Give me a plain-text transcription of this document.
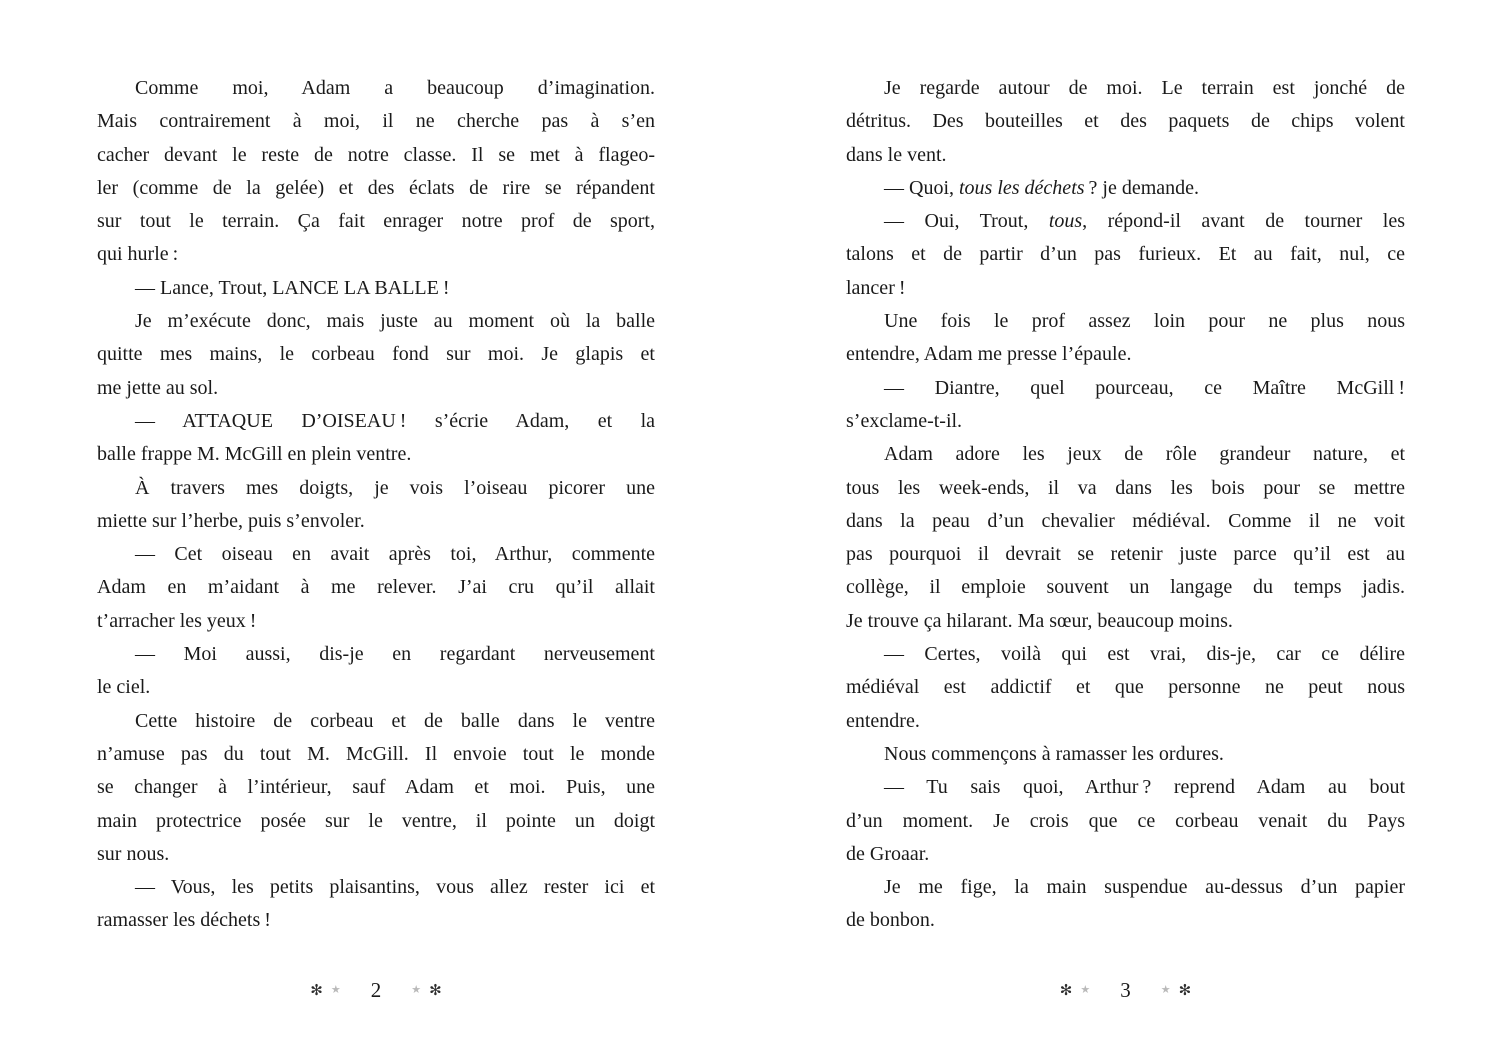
Comme moi, Adam a beaucoup d’imagination.
Mais contrairement à moi, il ne cherche pas à s’en
cacher devant le reste de notre classe. Il se met à flageo-
ler (comme de la gelée) et des éclats de rire se répandent
sur tout le terrain. Ça fait enrager notre prof de sport,
qui hurle :
— Lance, Trout, LANCE LA BALLE !
Je m’exécute donc, mais juste au moment où la balle
quitte mes mains, le corbeau fond sur moi. Je glapis et
me jette au sol.
— ATTAQUE D’OISEAU ! s’écrie Adam, et la
balle frappe M. McGill en plein ventre.
À travers mes doigts, je vois l’oiseau picorer une
miette sur l’herbe, puis s’envoler.
— Cet oiseau en avait après toi, Arthur, commente
Adam en m’aidant à me relever. J’ai cru qu’il allait
t’arracher les yeux !
— Moi aussi, dis-je en regardant nerveusement
le ciel.
Cette histoire de corbeau et de balle dans le ventre
n’amuse pas du tout M. McGill. Il envoie tout le monde
se changer à l’intérieur, sauf Adam et moi. Puis, une
main protectrice posée sur le ventre, il pointe un doigt
sur nous.
— Vous, les petits plaisantins, vous allez rester ici et
ramasser les déchets !
Je regarde autour de moi. Le terrain est jonché de
détritus. Des bouteilles et des paquets de chips volent
dans le vent.
— Quoi, tous les déchets ? je demande.
— Oui, Trout, tous, répond-il avant de tourner les
talons et de partir d’un pas furieux. Et au fait, nul, ce
lancer !
Une fois le prof assez loin pour ne plus nous
entendre, Adam me presse l’épaule.
— Diantre, quel pourceau, ce Maître McGill !
s’exclame-t-il.
Adam adore les jeux de rôle grandeur nature, et
tous les week-ends, il va dans les bois pour se mettre
dans la peau d’un chevalier médiéval. Comme il ne voit
pas pourquoi il devrait se retenir juste parce qu’il est au
collège, il emploie souvent un langage du temps jadis.
Je trouve ça hilarant. Ma sœur, beaucoup moins.
— Certes, voilà qui est vrai, dis-je, car ce délire
médiéval est addictif et que personne ne peut nous
entendre.
Nous commençons à ramasser les ordures.
— Tu sais quoi, Arthur ? reprend Adam au bout
d’un moment. Je crois que ce corbeau venait du Pays
de Groaar.
Je me fige, la main suspendue au-dessus d’un papier
de bonbon.
✻ ★ 2	★ ✻	✻ ★ 3	★ ✻
